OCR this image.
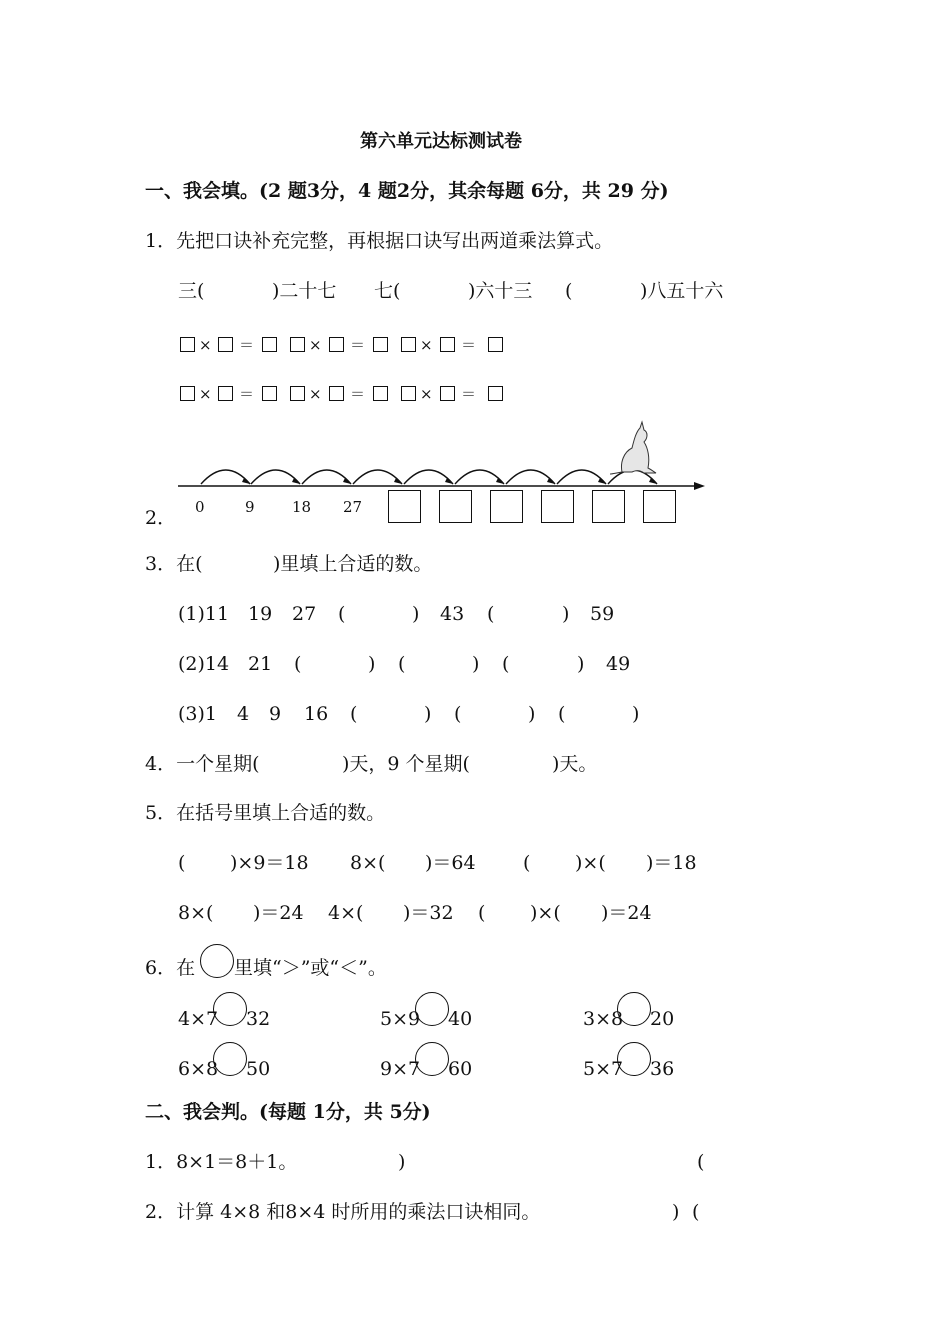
第六单元达标测试卷
一、我会填。(2 题3分，4 题2分，其余每题 6分，共 29 分)
1．先把口诀补充完整，再根据口诀写出两道乘法算式。
三(	)二十七 七(	)六十三 (	)八五十六
× ＝	× ＝	× ＝
× ＝	× ＝	× ＝
2． 0	9 18 27
3．在(	)里填上合适的数。
(1)11 19 27 (	) 43 (	) 59
(2)14 21 (	) (	) (	) 49
(3)1 4 9 16 (	) (	) (	)
4．一个星期(	)天，9 个星期(	)天。
5．在括号里填上合适的数。
( )×9＝18 8×( )＝64 ( )×( )＝18
8×( )＝24 4×( )＝32 ( )×( )＝24
6．在 里填“＞”或“＜”。
4×7 32	5×9 40	3×8 20
6×8 50	9×7 60	5×7 36
二、我会判。(每题 1分，共 5分)
1．8×1＝8＋1。	)	(
2．计算 4×8 和8×4 时所用的乘法口诀相同。	) (
